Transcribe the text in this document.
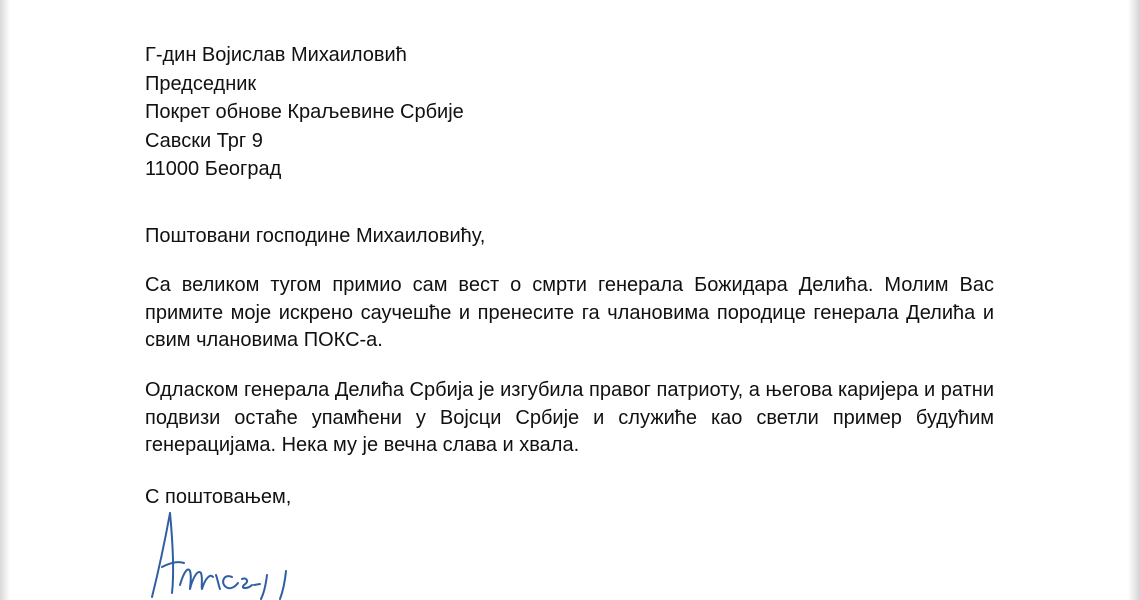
Г-дин Војислав Михаиловић
Председник
Покрет обнове Краљевине Србије
Савски Трг 9
11000 Београд
Поштовани господине Михаиловићу,
Са великом тугом примио сам вест о смрти генерала Божидара Делића. Молим Вас примите моје искрено саучешће и пренесите га члановима породице генерала Делића и свим члановима ПОКС-а.
Одласком генерала Делића Србија је изгубила правог патриоту, а његова каријера и ратни подвизи остаће упамћени у Војсци Србије и служиће као светли пример будућим генерацијама. Нека му је вечна слава и хвала.
С поштовањем,
